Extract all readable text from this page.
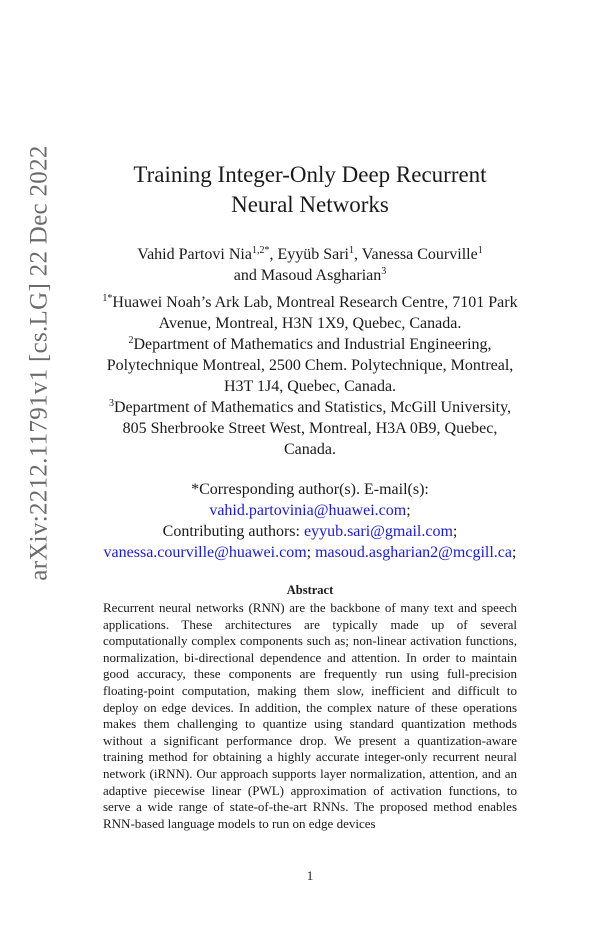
arXiv:2212.11791v1 [cs.LG] 22 Dec 2022	Training Integer-Only Deep Recurrent
Neural Networks
Vahid Partovi Nia$^{1,2*}$, Eyyüb Sari$^1$, Vanessa Courville$^1$
and Masoud Asgharian$^3$

$^{1*}$Huawei Noah’s Ark Lab, Montreal Research Centre, 7101 Park

Avenue, Montreal, H3N 1X9, Quebec, Canada.

$^2$Department of Mathematics and Industrial Engineering,

Polytechnique Montreal, 2500 Chem. Polytechnique, Montreal,

H3T 1J4, Quebec, Canada.

$^3$Department of Mathematics and Statistics, McGill University,

805 Sherbrooke Street West, Montreal, H3A 0B9, Quebec,

Canada.

*Corresponding author(s). E-mail(s):

vahid.partovinia@huawei.com;

Contributing authors: eyyub.sari@gmail.com;

vanessa.courville@huawei.com; masoud.asgharian2@mcgill.ca;

Abstract
Recurrent neural networks (RNN) are the backbone of many text and speech applications. These architectures are typically made up of several computationally complex components such as; non-linear activation functions, normalization, bi-directional dependence and attention. In order to maintain good accuracy, these components are frequently run using full-precision floating-point computation, making them slow, inefficient and difficult to deploy on edge devices. In addition, the complex nature of these operations makes them challenging to quantize using standard quantization methods without a significant performance drop. We present a quantization-aware training method for obtaining a highly accurate integer-only recurrent neural network (iRNN). Our approach supports layer normalization, attention, and an adaptive piecewise linear (PWL) approximation of activation functions, to serve a wide range of state-of-the-art RNNs. The proposed method enables RNN-based language models to run on edge devices
1
